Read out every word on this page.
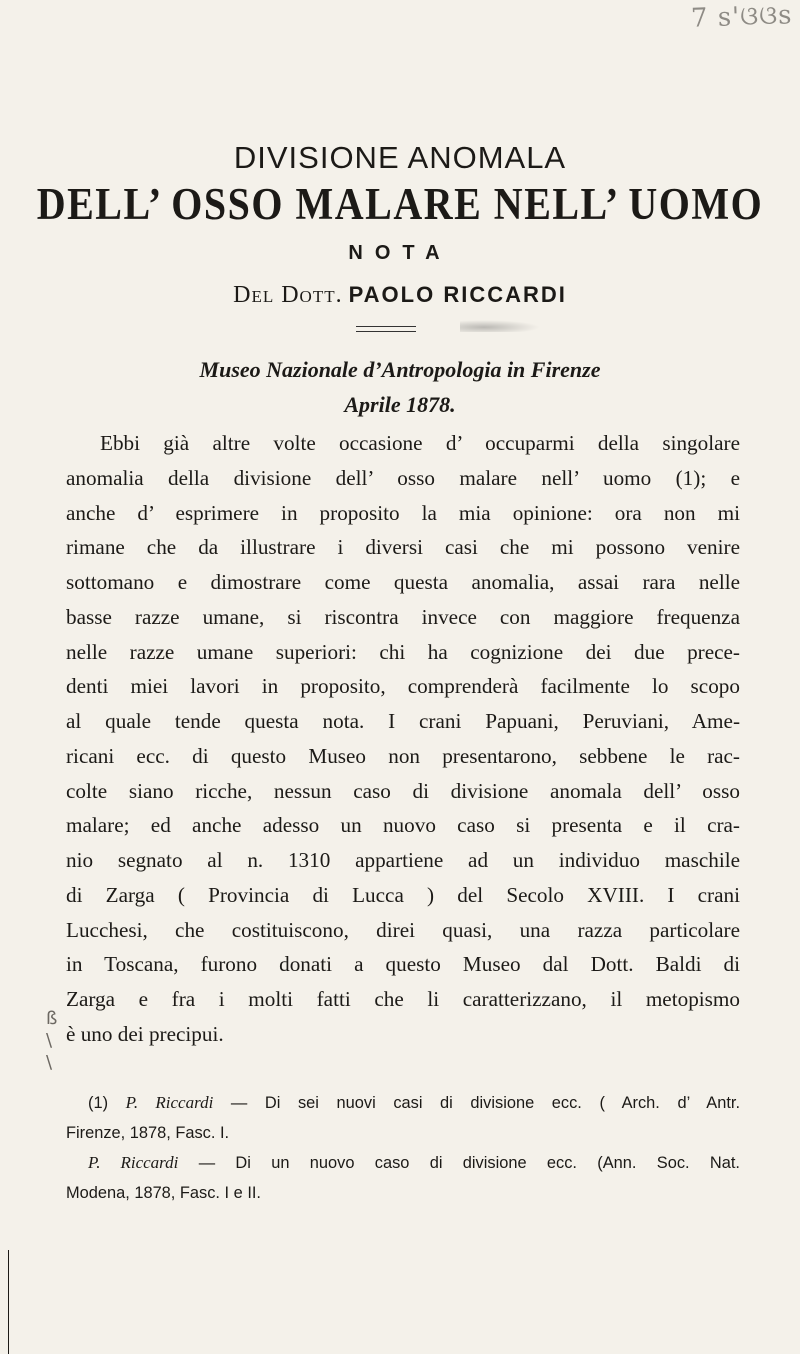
7 s'ଓଓs
DIVISIONE ANOMALA
DELL’ OSSO MALARE NELL’ UOMO
NOTA
Del Dott. PAOLO RICCARDI
Museo Nazionale d’Antropologia in Firenze
Aprile 1878.
Ebbi già altre volte occasione d’ occuparmi della singolare
anomalia della divisione dell’ osso malare nell’ uomo (1); e
anche d’ esprimere in proposito la mia opinione: ora non mi
rimane che da illustrare i diversi casi che mi possono venire
sottomano e dimostrare come questa anomalia, assai rara nelle
basse razze umane, si riscontra invece con maggiore frequenza
nelle razze umane superiori: chi ha cognizione dei due prece-
denti miei lavori in proposito, comprenderà facilmente lo scopo
al quale tende questa nota. I crani Papuani, Peruviani, Ame-
ricani ecc. di questo Museo non presentarono, sebbene le rac-
colte siano ricche, nessun caso di divisione anomala dell’ osso
malare; ed anche adesso un nuovo caso si presenta e il cra-
nio segnato al n. 1310 appartiene ad un individuo maschile
di Zarga ( Provincia di Lucca ) del Secolo XVIII. I crani
Lucchesi, che costituiscono, direi quasi, una razza particolare
in Toscana, furono donati a questo Museo dal Dott. Baldi di
Zarga e fra i molti fatti che li caratterizzano, il metopismo
è uno dei precipui.
ß
\
\
(1) P. Riccardi — Di sei nuovi casi di divisione ecc. ( Arch. d’ Antr.
Firenze, 1878, Fasc. I.
P. Riccardi — Di un nuovo caso di divisione ecc. (Ann. Soc. Nat.
Modena, 1878, Fasc. I e II.
